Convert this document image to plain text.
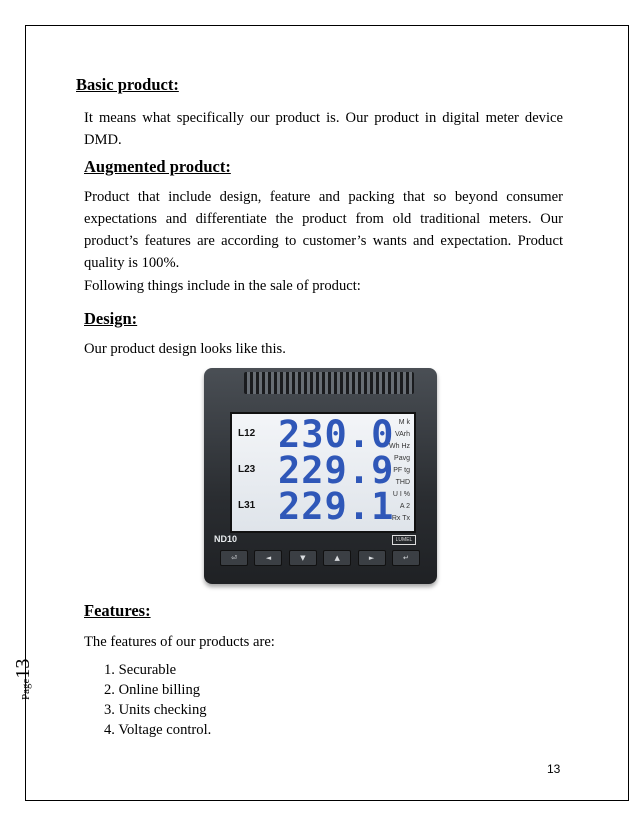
Basic product:
It means what specifically our product is. Our product in digital meter device DMD.
Augmented product:
Product that include design, feature and packing that so beyond consumer expectations and differentiate the product from old traditional meters. Our product’s features are according to customer’s wants and expectation. Product quality is 100%.
Following things include in the sale of product:
Design:
Our product design looks like this.
L12
L23
L31
230.0
229.9
229.1
M k
VArh
Wh Hz
Pavg
PF tg
THD
U I %
A 2
Rx Tx
ND10	LUMEL
⏎	◄	▼	▲	►	↵
Features:
The features of our products are:
1. Securable
2. Online billing
3. Units checking
4. Voltage control.
Page13
13
